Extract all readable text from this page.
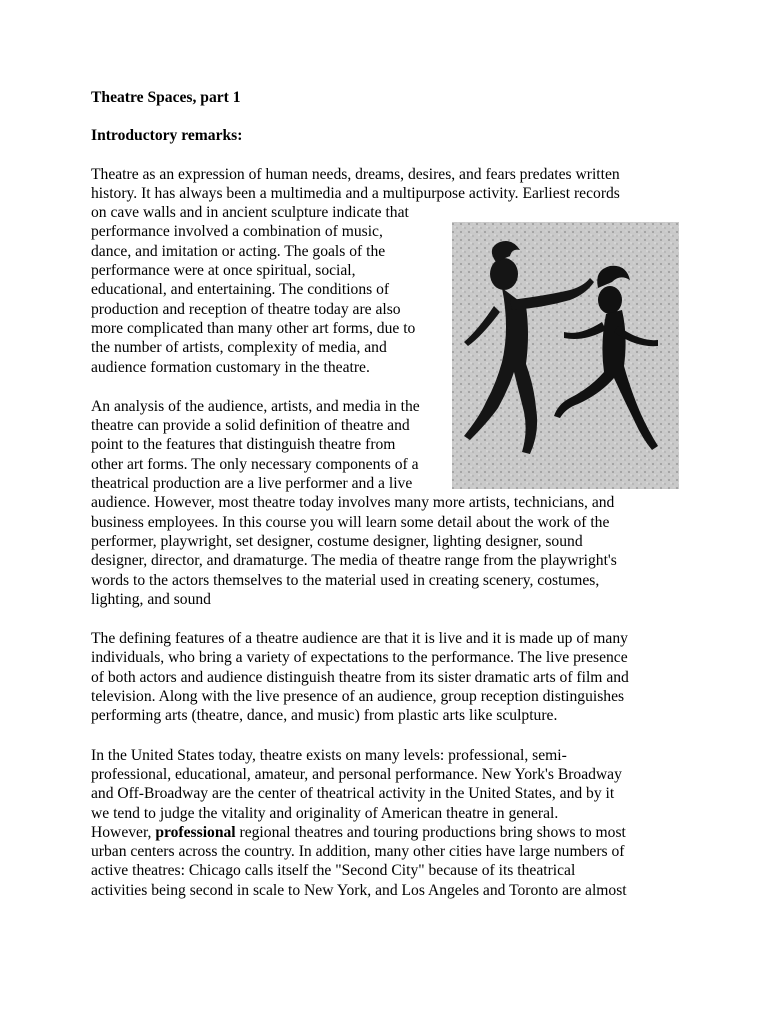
Theatre Spaces, part 1
Introductory remarks:

Theatre as an expression of human needs, dreams, desires, and fears predates written
history. It has always been a multimedia and a multipurpose activity. Earliest records
on cave walls and in ancient sculpture indicate that
performance involved a combination of music,
dance, and imitation or acting. The goals of the
performance were at once spiritual, social,
educational, and entertaining. The conditions of
production and reception of theatre today are also
more complicated than many other art forms, due to
the number of artists, complexity of media, and
audience formation customary in the theatre.

An analysis of the audience, artists, and media in the
theatre can provide a solid definition of theatre and
point to the features that distinguish theatre from
other art forms. The only necessary components of a
theatrical production are a live performer and a live
audience. However, most theatre today involves many more artists, technicians, and
business employees. In this course you will learn some detail about the work of the
performer, playwright, set designer, costume designer, lighting designer, sound
designer, director, and dramaturge. The media of theatre range from the playwright's
words to the actors themselves to the material used in creating scenery, costumes,
lighting, and sound

The defining features of a theatre audience are that it is live and it is made up of many
individuals, who bring a variety of expectations to the performance. The live presence
of both actors and audience distinguish theatre from its sister dramatic arts of film and
television. Along with the live presence of an audience, group reception distinguishes
performing arts (theatre, dance, and music) from plastic arts like sculpture.

In the United States today, theatre exists on many levels: professional, semi-
professional, educational, amateur, and personal performance. New York's Broadway
and Off-Broadway are the center of theatrical activity in the United States, and by it
we tend to judge the vitality and originality of American theatre in general.
However, professional regional theatres and touring productions bring shows to most
urban centers across the country. In addition, many other cities have large numbers of
active theatres: Chicago calls itself the "Second City" because of its theatrical
activities being second in scale to New York, and Los Angeles and Toronto are almost
